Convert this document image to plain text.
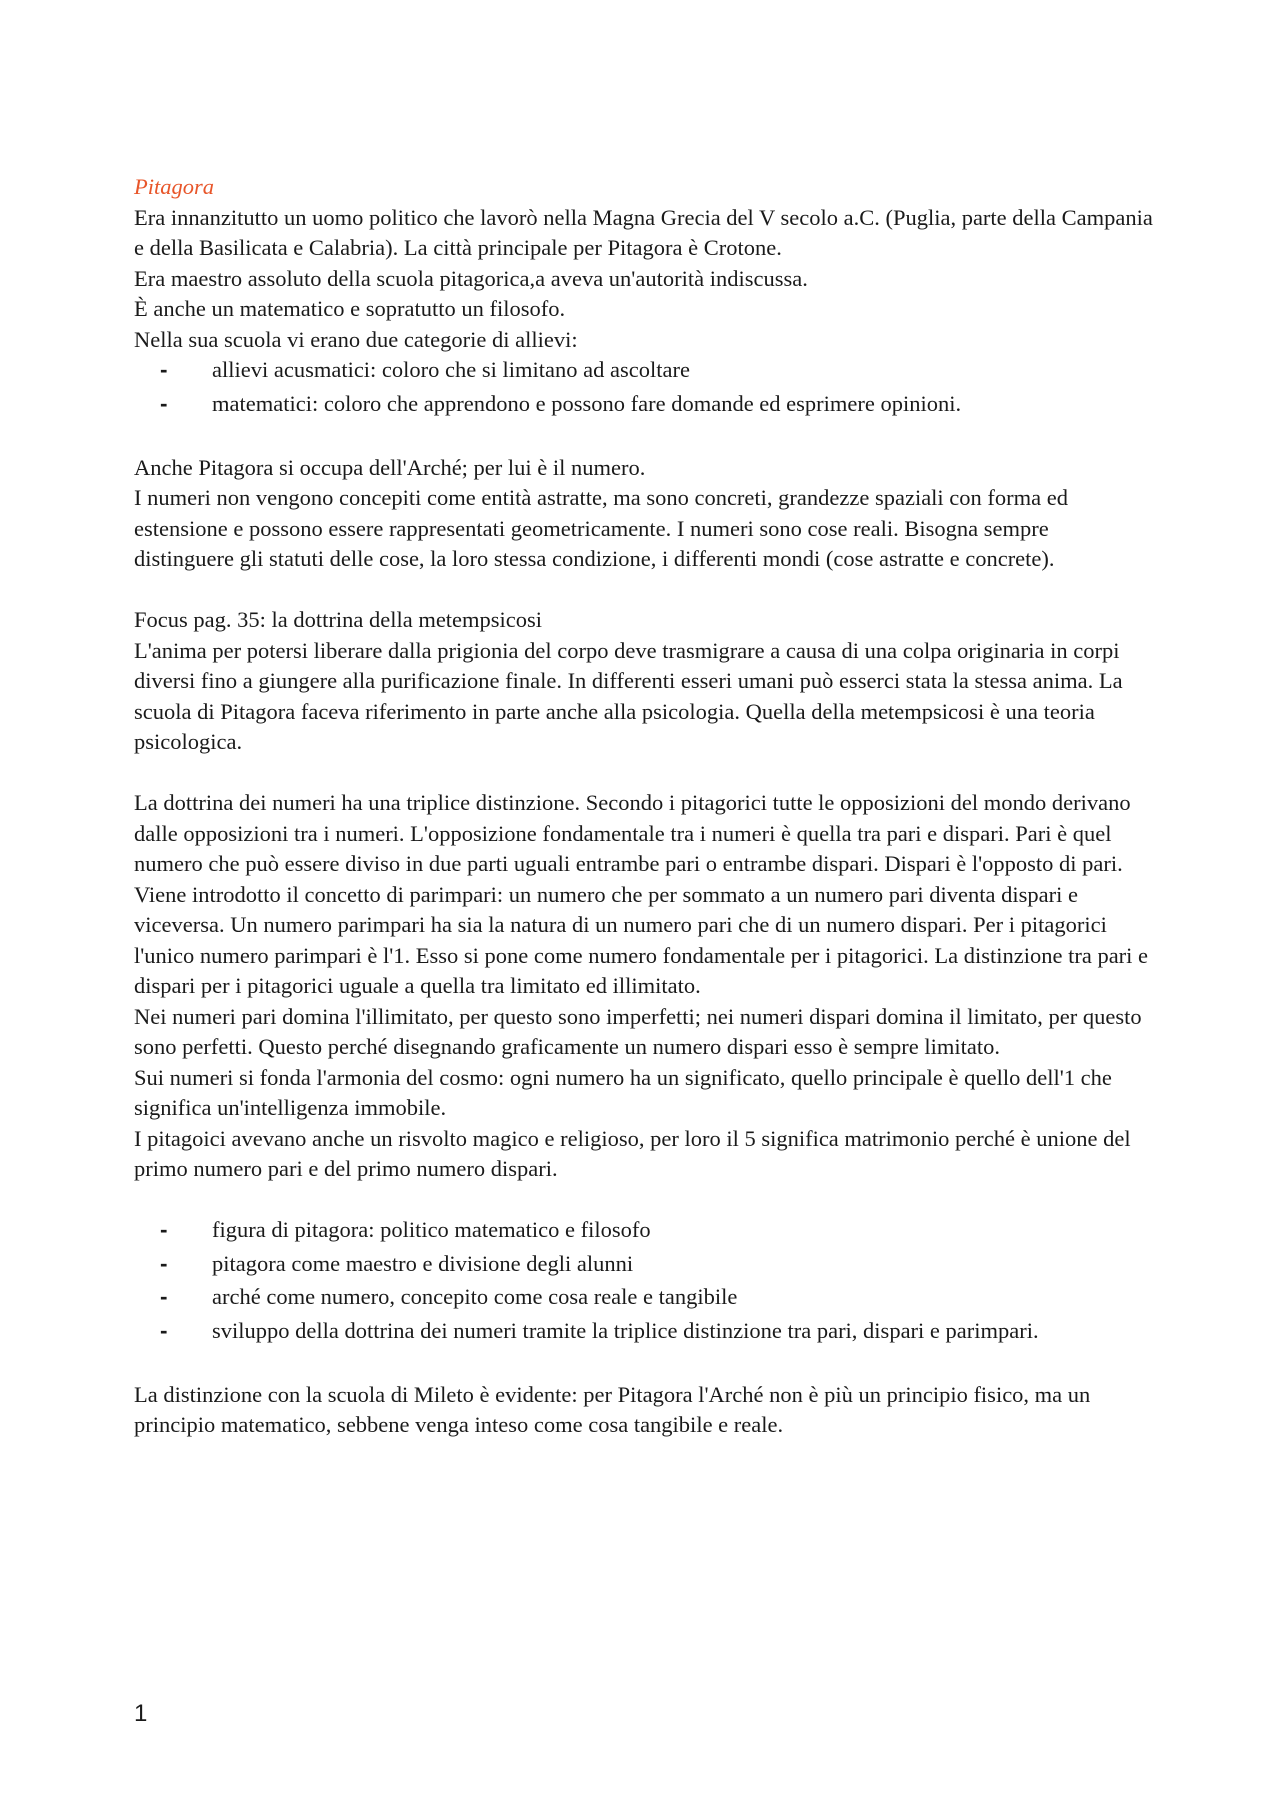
Pitagora

Era innanzitutto un uomo politico che lavorò nella Magna Grecia del V secolo a.C. (Puglia, parte della Campania e della Basilicata e Calabria). La città principale per Pitagora è Crotone.

Era maestro assoluto della scuola pitagorica,a aveva un'autorità indiscussa.

È anche un matematico e sopratutto un filosofo.

Nella sua scuola vi erano due categorie di allievi:

- allievi acusmatici: coloro che si limitano ad ascoltare
- matematici: coloro che apprendono e possono fare domande ed esprimere opinioni.

Anche Pitagora si occupa dell'Arché; per lui è il numero.

I numeri non vengono concepiti come entità astratte, ma sono concreti, grandezze spaziali con forma ed estensione e possono essere rappresentati geometricamente. I numeri sono cose reali. Bisogna sempre distinguere gli statuti delle cose, la loro stessa condizione, i differenti mondi (cose astratte e concrete).

Focus pag. 35: la dottrina della metempsicosi

L'anima per potersi liberare dalla prigionia del corpo deve trasmigrare a causa di una colpa originaria in corpi diversi fino a giungere alla purificazione finale. In differenti esseri umani può esserci stata la stessa anima. La scuola di Pitagora faceva riferimento in parte anche alla psicologia. Quella della metempsicosi è una teoria psicologica.

La dottrina dei numeri ha una triplice distinzione. Secondo i pitagorici tutte le opposizioni del mondo derivano dalle opposizioni tra i numeri. L'opposizione fondamentale tra i numeri è quella tra pari e dispari. Pari è quel numero che può essere diviso in due parti uguali entrambe pari o entrambe dispari. Dispari è l'opposto di pari.

Viene introdotto il concetto di parimpari: un numero che per sommato a un numero pari diventa dispari e viceversa. Un numero parimpari ha sia la natura di un numero pari che di un numero dispari. Per i pitagorici l'unico numero parimpari è l'1. Esso si pone come numero fondamentale per i pitagorici. La distinzione tra pari e dispari per i pitagorici uguale a quella tra limitato ed illimitato.

Nei numeri pari domina l'illimitato, per questo sono imperfetti; nei numeri dispari domina il limitato, per questo sono perfetti. Questo perché disegnando graficamente un numero dispari esso è sempre limitato.

Sui numeri si fonda l'armonia del cosmo: ogni numero ha un significato, quello principale è quello dell'1 che significa un'intelligenza immobile.

I pitagoici avevano anche un risvolto magico e religioso, per loro il 5 significa matrimonio perché è unione del primo numero pari e del primo numero dispari.

- figura di pitagora: politico matematico e filosofo
- pitagora come maestro e divisione degli alunni
- arché come numero, concepito come cosa reale e tangibile
- sviluppo della dottrina dei numeri tramite la triplice distinzione tra pari, dispari e parimpari.

La distinzione con la scuola di Mileto è evidente: per Pitagora l'Arché non è più un principio fisico, ma un principio matematico, sebbene venga inteso come cosa tangibile e reale.

1
